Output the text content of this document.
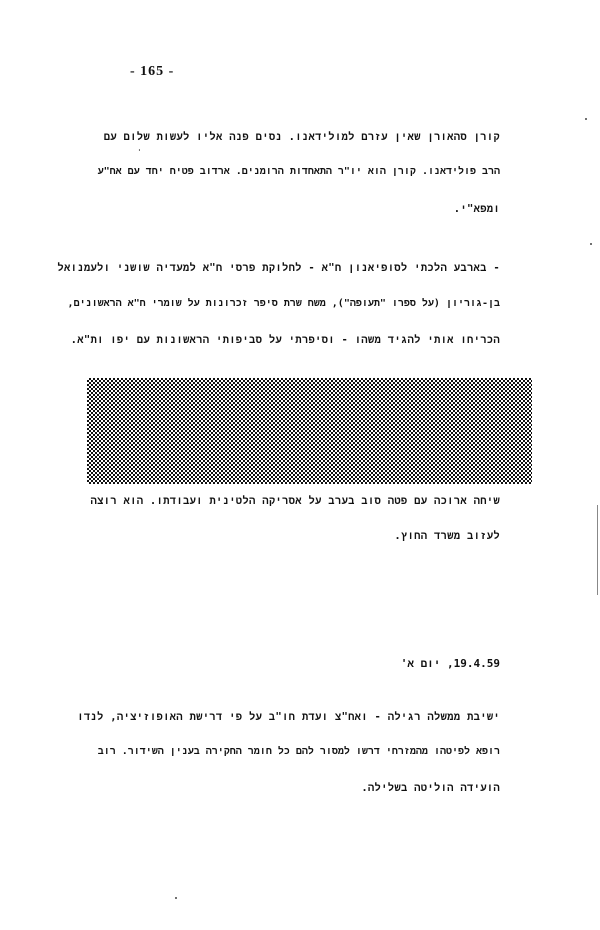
- 165 -
קורן סהאורן שאין עזרם למולידאנו. נסים פנה אליו לעשות שלום עם
ʿ
הרב פולידאנו. קורן הוא יו"ר התאחדות הרומנים. ארדוב פטיח יחד עם אח"ע
ומפא"י.
- בארבע הלכתי לסופיאנון ח"א - לחלוקת פרסי ח"א למעדיה שושני ולעמנואל
בן-גוריון (על ספרו "תעופה"), משח שרת סיפר זכרונות על שומרי ח"א הראשונים,
הכריחו אותי להגיד משהו - וסיפרתי על סביפותי הראשונות עם יפו ות"א.
שיחה ארוכה עם פטה סוב בערב על אסריקה הלטינית ועבודתו. הוא רוצה
לעזוב משרד החוץ.
19.4.59, יום א'
ישיבת ממשלה רגילה - ואח"צ ועדת חו"ב על פי דרישת האופוזיציה, לנדו
רופא לפיטהו מהמזרחי דרשו למסור להם כל חומר החקירה בענין השידור. רוב
הועידה הוליטה בשלילה.
